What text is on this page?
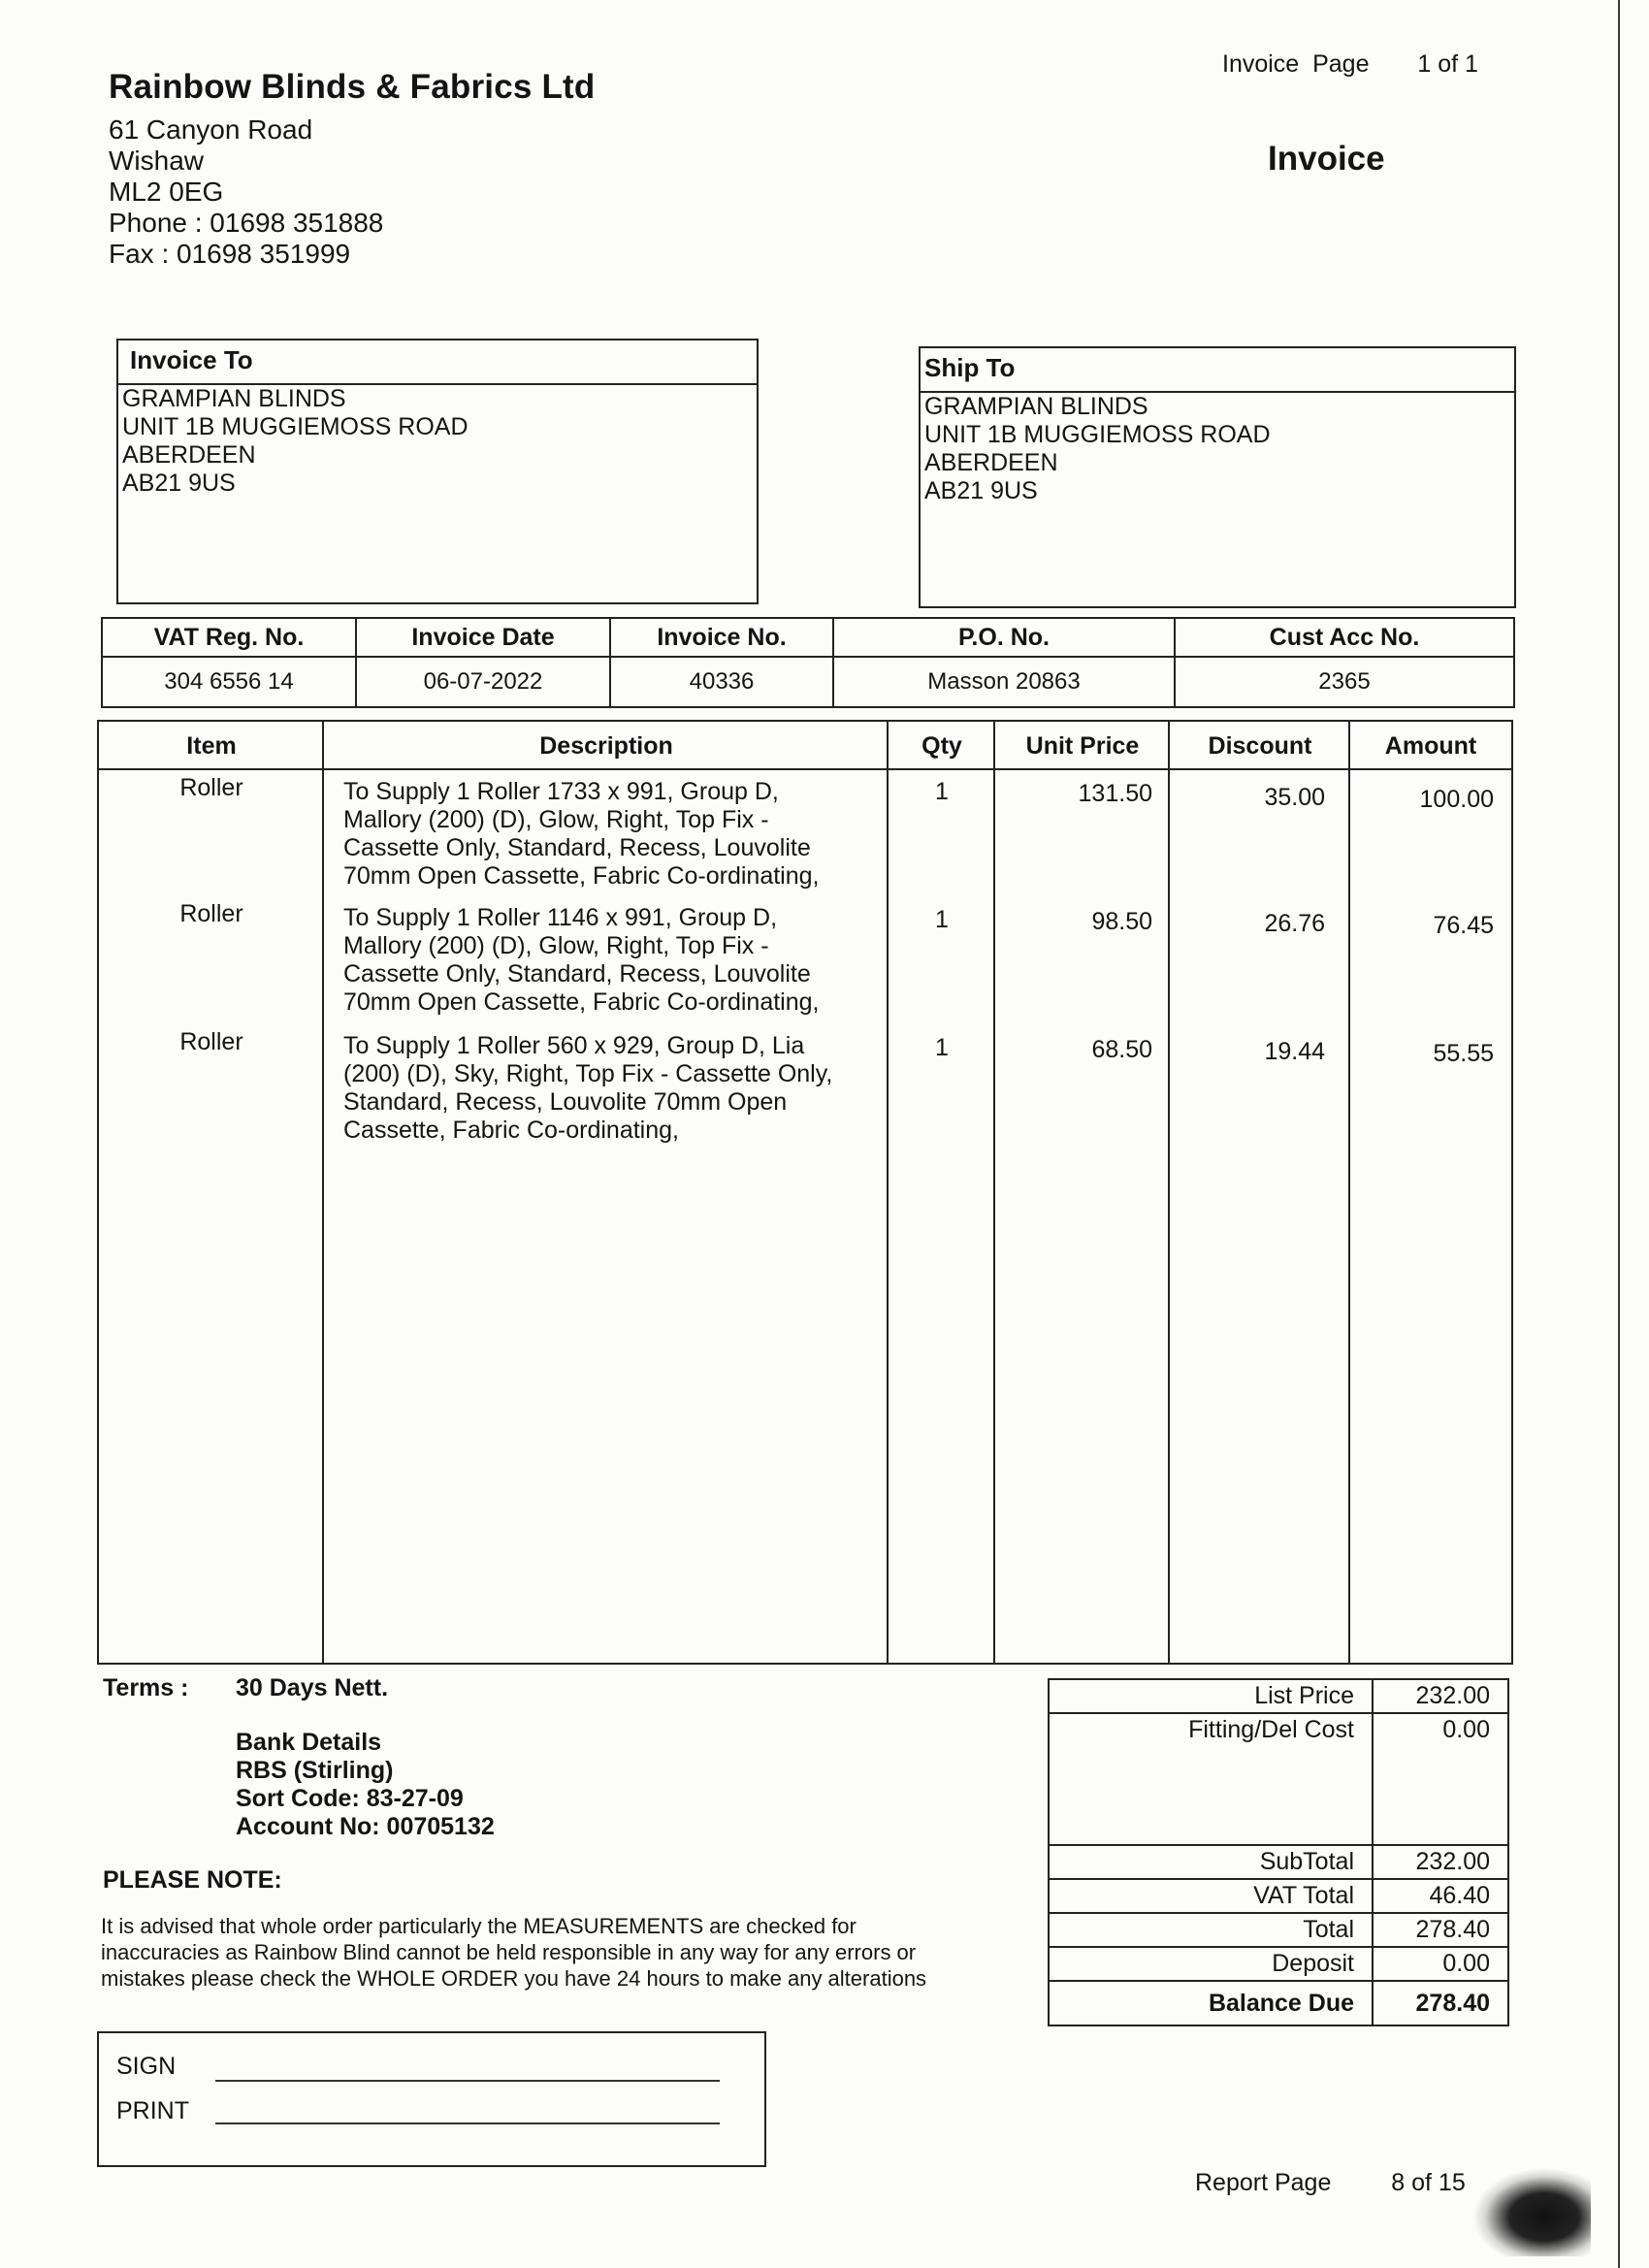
Rainbow Blinds & Fabrics Ltd
61 Canyon Road
Wishaw
ML2 0EG
Phone : 01698 351888
Fax : 01698 351999
Invoice  Page 1 of 1
Invoice
Invoice To
GRAMPIAN BLINDS
UNIT 1B MUGGIEMOSS ROAD
ABERDEEN
AB21 9US
Ship To
GRAMPIAN BLINDS
UNIT 1B MUGGIEMOSS ROAD
ABERDEEN
AB21 9US
VAT Reg. No.	Invoice Date	Invoice No.	P.O. No.	Cust Acc No.
304 6556 14	06-07-2022	40336	Masson 20863	2365
Item	Description	Qty	Unit Price	Discount	Amount
Roller	To Supply 1 Roller 1733 x 991, Group D,
Mallory (200) (D), Glow, Right, Top Fix -
Cassette Only, Standard, Recess, Louvolite
70mm Open Cassette, Fabric Co-ordinating,
1	131.50	35.00	100.00
Roller	To Supply 1 Roller 1146 x 991, Group D,
Mallory (200) (D), Glow, Right, Top Fix -
Cassette Only, Standard, Recess, Louvolite
70mm Open Cassette, Fabric Co-ordinating,
1	98.50	26.76	76.45
Roller	To Supply 1 Roller 560 x 929, Group D, Lia
(200) (D), Sky, Right, Top Fix - Cassette Only,
Standard, Recess, Louvolite 70mm Open
Cassette, Fabric Co-ordinating,
1	68.50	19.44	55.55
Terms : 30 Days Nett.
Bank Details
RBS (Stirling)
Sort Code: 83-27-09
Account No: 00705132
List Price	232.00
Fitting/Del Cost	0.00
SubTotal	232.00
VAT Total	46.40
Total	278.40
Deposit	0.00
Balance Due	278.40
PLEASE NOTE:
It is advised that whole order particularly the MEASUREMENTS are checked for
inaccuracies as Rainbow Blind cannot be held responsible in any way for any errors or
mistakes please check the WHOLE ORDER you have 24 hours to make any alterations
SIGN
PRINT
Report Page 8 of 15
